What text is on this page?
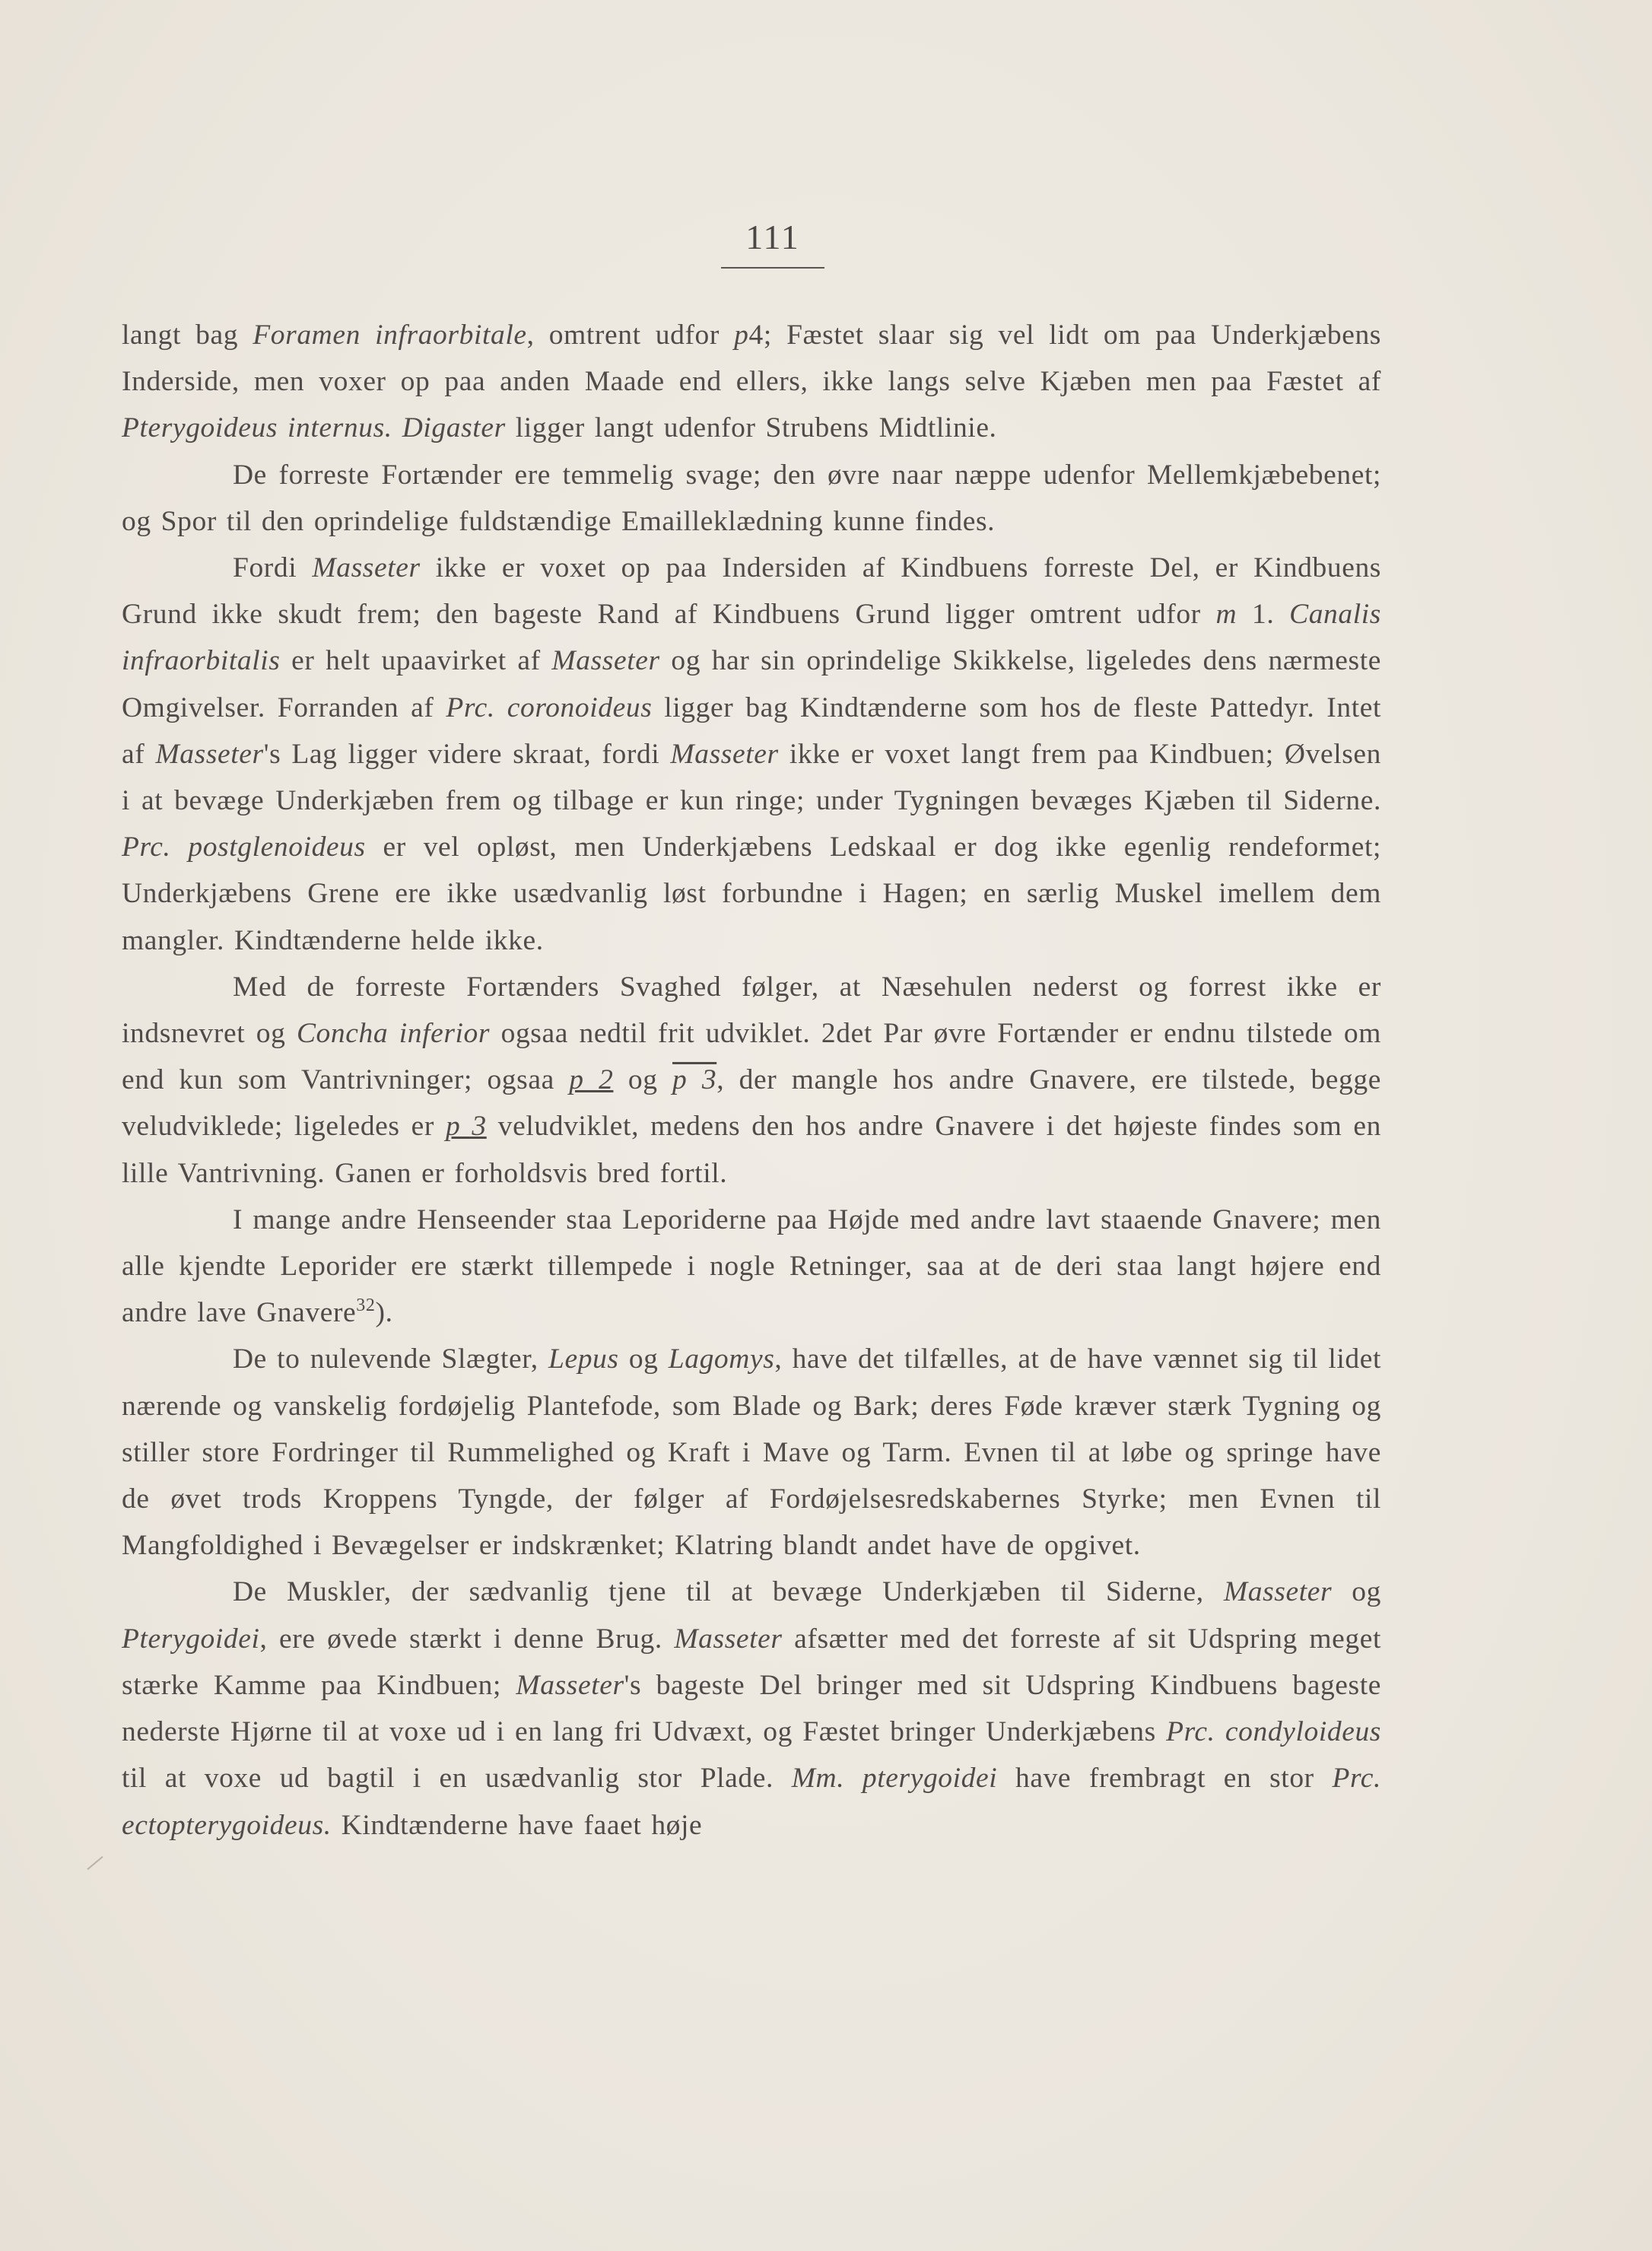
111

langt bag Foramen infraorbitale, omtrent udfor p4; Fæstet slaar sig vel lidt om paa Underkjæbens Inderside, men voxer op paa anden Maade end ellers, ikke langs selve Kjæben men paa Fæstet af Pterygoideus internus. Digaster ligger langt udenfor Strubens Midtlinie.

De forreste Fortænder ere temmelig svage; den øvre naar næppe udenfor Mellemkjæbebenet; og Spor til den oprindelige fuldstændige Emailleklædning kunne findes.

Fordi Masseter ikke er voxet op paa Indersiden af Kindbuens forreste Del, er Kindbuens Grund ikke skudt frem; den bageste Rand af Kindbuens Grund ligger omtrent udfor m 1. Canalis infraorbitalis er helt upaavirket af Masseter og har sin oprindelige Skikkelse, ligeledes dens nærmeste Omgivelser. Forranden af Prc. coronoideus ligger bag Kindtænderne som hos de fleste Pattedyr. Intet af Masseter's Lag ligger videre skraat, fordi Masseter ikke er voxet langt frem paa Kindbuen; Øvelsen i at bevæge Underkjæben frem og tilbage er kun ringe; under Tygningen bevæges Kjæben til Siderne. Prc. postglenoideus er vel opløst, men Underkjæbens Ledskaal er dog ikke egenlig rendeformet; Underkjæbens Grene ere ikke usædvanlig løst forbundne i Hagen; en særlig Muskel imellem dem mangler. Kindtænderne helde ikke.

Med de forreste Fortænders Svaghed følger, at Næsehulen nederst og forrest ikke er indsnevret og Concha inferior ogsaa nedtil frit udviklet. 2det Par øvre Fortænder er endnu tilstede om end kun som Vantrivninger; ogsaa p 2 og p 3, der mangle hos andre Gnavere, ere tilstede, begge veludviklede; ligeledes er p 3 veludviklet, medens den hos andre Gnavere i det højeste findes som en lille Vantrivning. Ganen er forholdsvis bred fortil.

I mange andre Henseender staa Leporiderne paa Højde med andre lavt staaende Gnavere; men alle kjendte Leporider ere stærkt tillempede i nogle Retninger, saa at de deri staa langt højere end andre lave Gnavere$^{32}$).

De to nulevende Slægter, Lepus og Lagomys, have det tilfælles, at de have vænnet sig til lidet nærende og vanskelig fordøjelig Plantefode, som Blade og Bark; deres Føde kræver stærk Tygning og stiller store Fordringer til Rummelighed og Kraft i Mave og Tarm. Evnen til at løbe og springe have de øvet trods Kroppens Tyngde, der følger af Fordøjelsesredskabernes Styrke; men Evnen til Mangfoldighed i Bevægelser er indskrænket; Klatring blandt andet have de opgivet.

De Muskler, der sædvanlig tjene til at bevæge Underkjæben til Siderne, Masseter og Pterygoidei, ere øvede stærkt i denne Brug. Masseter afsætter med det forreste af sit Udspring meget stærke Kamme paa Kindbuen; Masseter's bageste Del bringer med sit Udspring Kindbuens bageste nederste Hjørne til at voxe ud i en lang fri Udvæxt, og Fæstet bringer Underkjæbens Prc. condyloideus til at voxe ud bagtil i en usædvanlig stor Plade. Mm. pterygoidei have frembragt en stor Prc. ectopterygoideus. Kindtænderne have faaet høje
